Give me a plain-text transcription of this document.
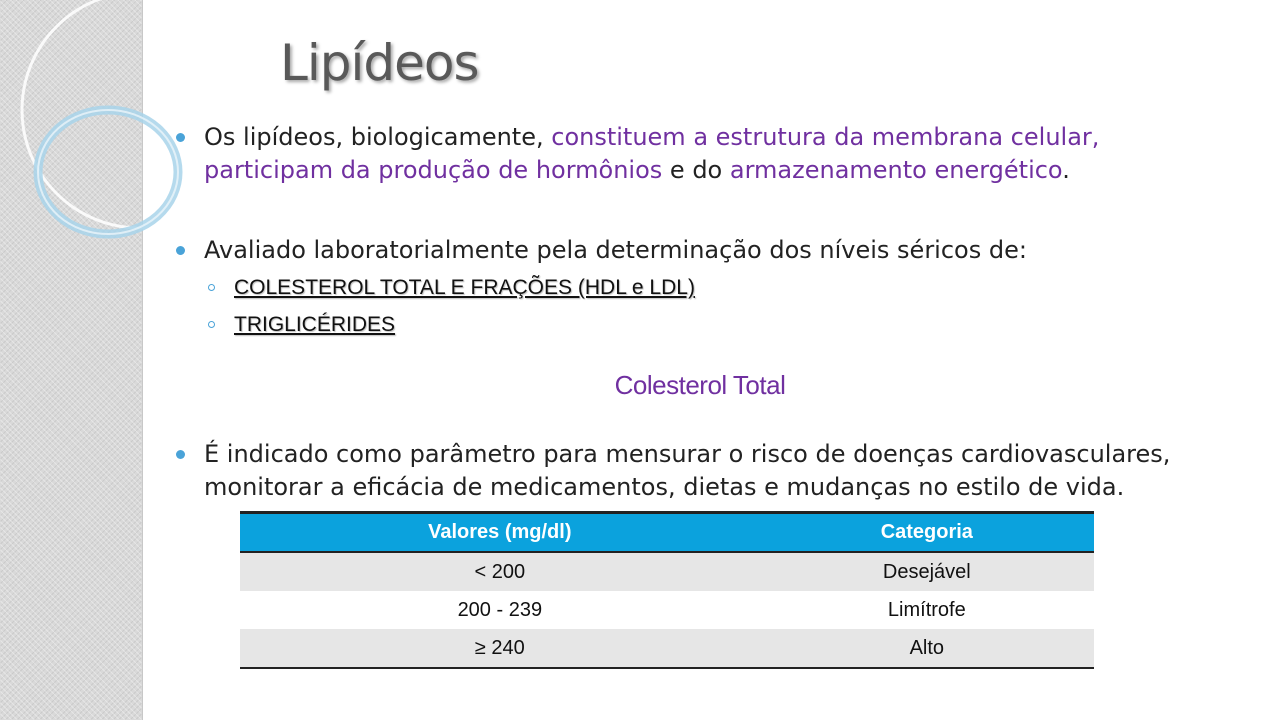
Lipídeos
Os lipídeos, biologicamente, constituem a estrutura da membrana celular, participam da produção de hormônios e do armazenamento energético.
Avaliado laboratorialmente pela determinação dos níveis séricos de:
COLESTEROL TOTAL E FRAÇÕES (HDL e LDL)
TRIGLICÉRIDES
Colesterol Total
É indicado como parâmetro para mensurar o risco de doenças cardiovasculares, monitorar a eficácia de medicamentos, dietas e mudanças no estilo de vida.
Valores (mg/dl)	Categoria
< 200	Desejável
200 - 239	Limítrofe
≥ 240	Alto
